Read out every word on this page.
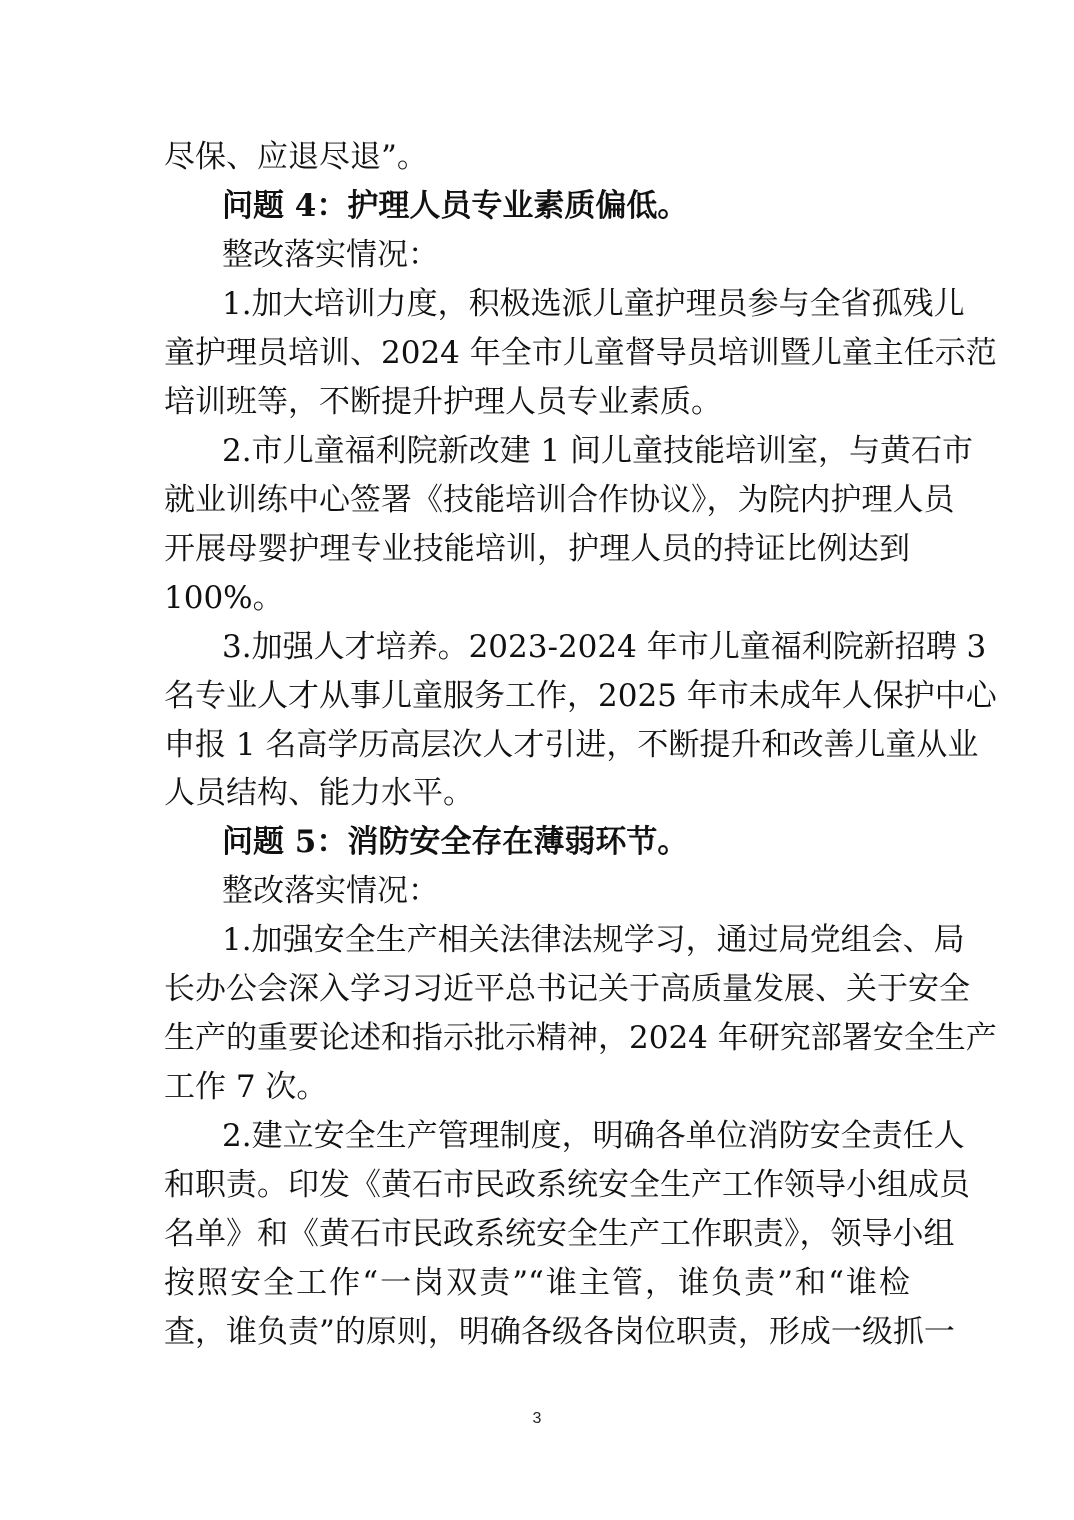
尽保、应退尽退”。
问题 4：护理人员专业素质偏低。
整改落实情况：
1.加大培训力度，积极选派儿童护理员参与全省孤残儿
童护理员培训、2024 年全市儿童督导员培训暨儿童主任示范
培训班等，不断提升护理人员专业素质。
2.市儿童福利院新改建 1 间儿童技能培训室，与黄石市
就业训练中心签署《技能培训合作协议》，为院内护理人员
开展母婴护理专业技能培训，护理人员的持证比例达到
100%。
3.加强人才培养。2023-2024 年市儿童福利院新招聘 3
名专业人才从事儿童服务工作，2025 年市未成年人保护中心
申报 1 名高学历高层次人才引进，不断提升和改善儿童从业
人员结构、能力水平。
问题 5：消防安全存在薄弱环节。
整改落实情况：
1.加强安全生产相关法律法规学习，通过局党组会、局
长办公会深入学习习近平总书记关于高质量发展、关于安全
生产的重要论述和指示批示精神，2024 年研究部署安全生产
工作 7 次。
2.建立安全生产管理制度，明确各单位消防安全责任人
和职责。印发《黄石市民政系统安全生产工作领导小组成员
名单》和《黄石市民政系统安全生产工作职责》，领导小组
按照安全工作“一岗双责”“谁主管，谁负责”和“谁检
查，谁负责”的原则，明确各级各岗位职责，形成一级抓一
3
